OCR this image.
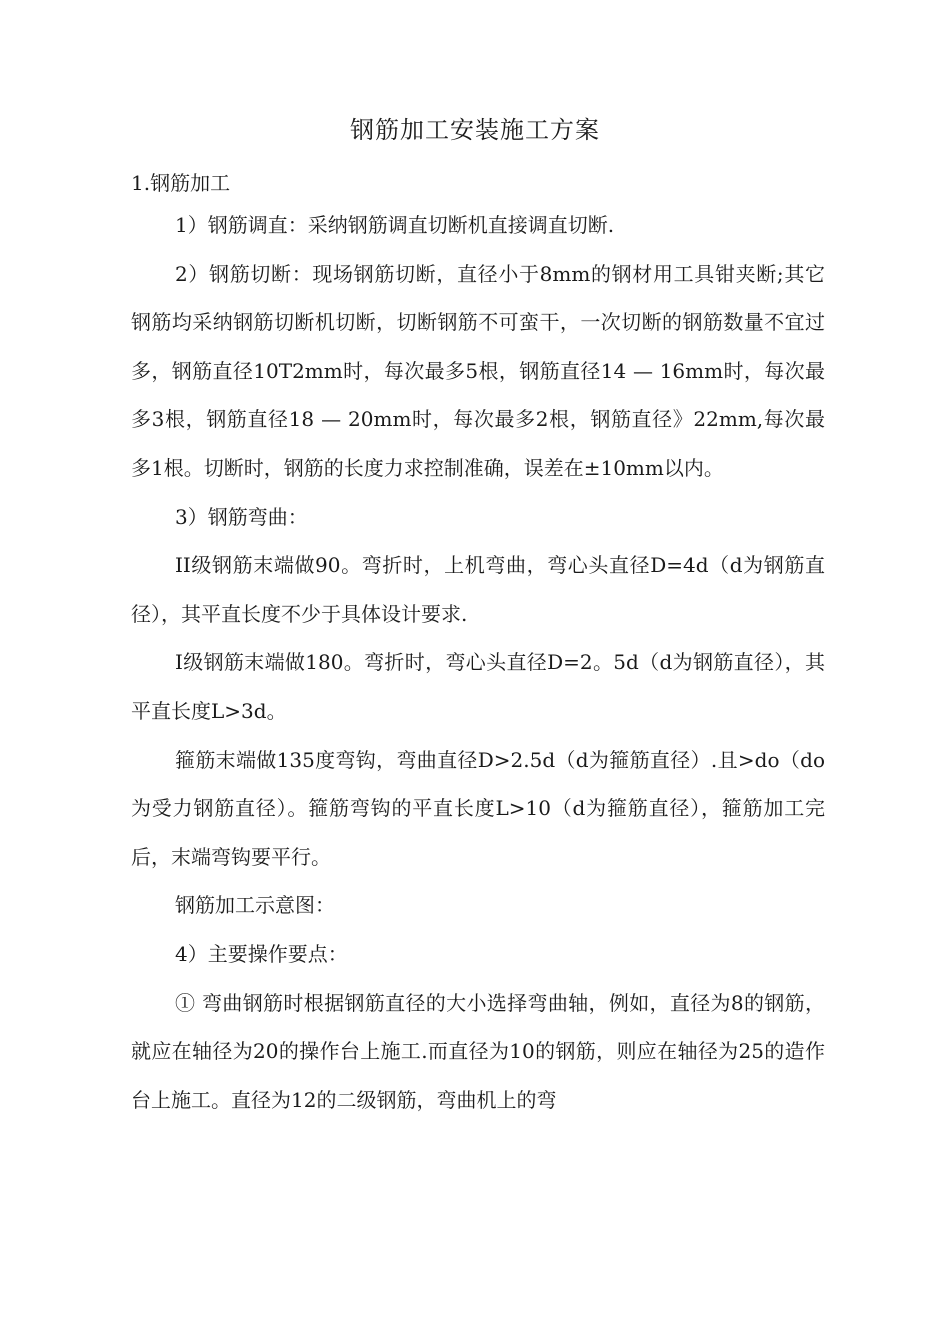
钢筋加工安装施工方案
1.钢筋加工

1）钢筋调直：采纳钢筋调直切断机直接调直切断.

2）钢筋切断：现场钢筋切断，直径小于8mm的钢材用工具钳夹断;其它钢筋均采纳钢筋切断机切断，切断钢筋不可蛮干，一次切断的钢筋数量不宜过多，钢筋直径10T2mm时，每次最多5根，钢筋直径14 — 16mm时，每次最多3根，钢筋直径18 — 20mm时，每次最多2根，钢筋直径》22mm,每次最多1根。切断时，钢筋的长度力求控制准确，误差在±10mm以内。

3）钢筋弯曲：

II级钢筋末端做90。弯折时，上机弯曲，弯心头直径D=4d（d为钢筋直径），其平直长度不少于具体设计要求.

I级钢筋末端做180。弯折时，弯心头直径D=2。5d（d为钢筋直径），其平直长度L>3d。

箍筋末端做135度弯钩，弯曲直径D>2.5d（d为箍筋直径）.且>do（do为受力钢筋直径）。箍筋弯钩的平直长度L>10（d为箍筋直径），箍筋加工完后，末端弯钩要平行。

钢筋加工示意图：

4）主要操作要点：

① 弯曲钢筋时根据钢筋直径的大小选择弯曲轴，例如，直径为8的钢筋，就应在轴径为20的操作台上施工.而直径为10的钢筋，则应在轴径为25的造作台上施工。直径为12的二级钢筋，弯曲机上的弯
